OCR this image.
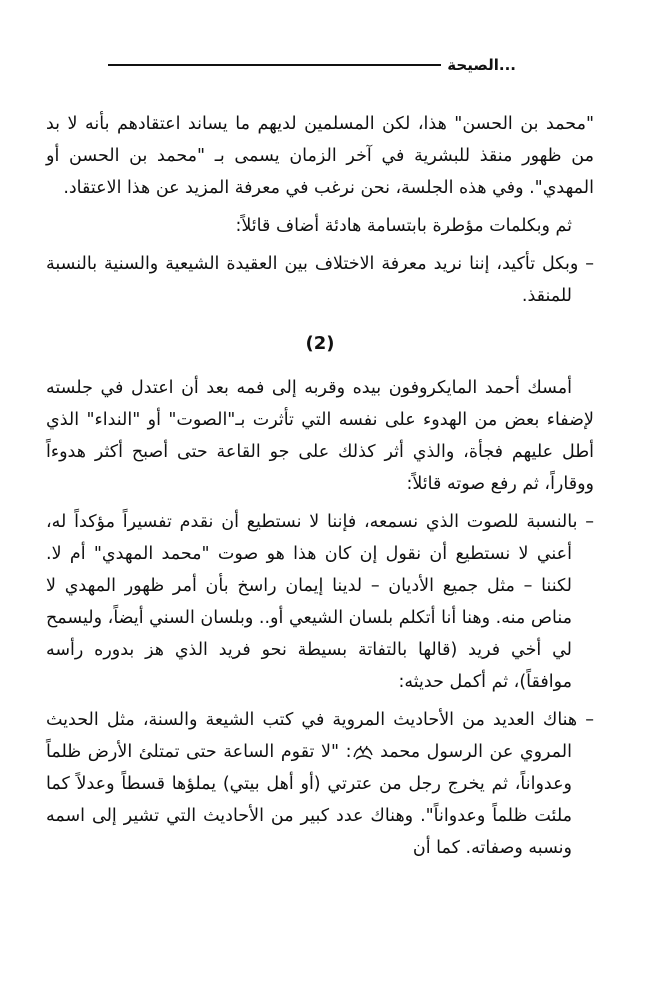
الصيحة...

"محمد بن الحسن" هذا، لكن المسلمين لديهم ما يساند اعتقادهم بأنه لا بد من ظهور منقذ للبشرية في آخر الزمان يسمى بـ "محمد بن الحسن أو المهدي". وفي هذه الجلسة، نحن نرغب في معرفة المزيد عن هذا الاعتقاد.

ثم وبكلمات مؤطرة بابتسامة هادئة أضاف قائلاً:

– وبكل تأكيد، إننا نريد معرفة الاختلاف بين العقيدة الشيعية والسنية بالنسبة للمنقذ.

(2)

أمسك أحمد المايكروفون بيده وقربه إلى فمه بعد أن اعتدل في جلسته لإضفاء بعض من الهدوء على نفسه التي تأثرت بـ"الصوت" أو "النداء" الذي أطل عليهم فجأة، والذي أثر كذلك على جو القاعة حتى أصبح أكثر هدوءاً ووقاراً، ثم رفع صوته قائلاً:

– بالنسبة للصوت الذي نسمعه، فإننا لا نستطيع أن نقدم تفسيراً مؤكداً له، أعني لا نستطيع أن نقول إن كان هذا هو صوت "محمد المهدي" أم لا. لكننا – مثل جميع الأديان – لدينا إيمان راسخ بأن أمر ظهور المهدي لا مناص منه. وهنا أنا أتكلم بلسان الشيعي أو.. وبلسان السني أيضاً، وليسمح لي أخي فريد (قالها بالتفاتة بسيطة نحو فريد الذي هز بدوره رأسه موافقاً)، ثم أكمل حديثه:

– هناك العديد من الأحاديث المروية في كتب الشيعة والسنة، مثل الحديث المروي عن الرسول محمد : "لا تقوم الساعة حتى تمتلئ الأرض ظلماً وعدواناً، ثم يخرج رجل من عترتي (أو أهل بيتي) يملؤها قسطاً وعدلاً كما ملئت ظلماً وعدواناً". وهناك عدد كبير من الأحاديث التي تشير إلى اسمه ونسبه وصفاته. كما أن
